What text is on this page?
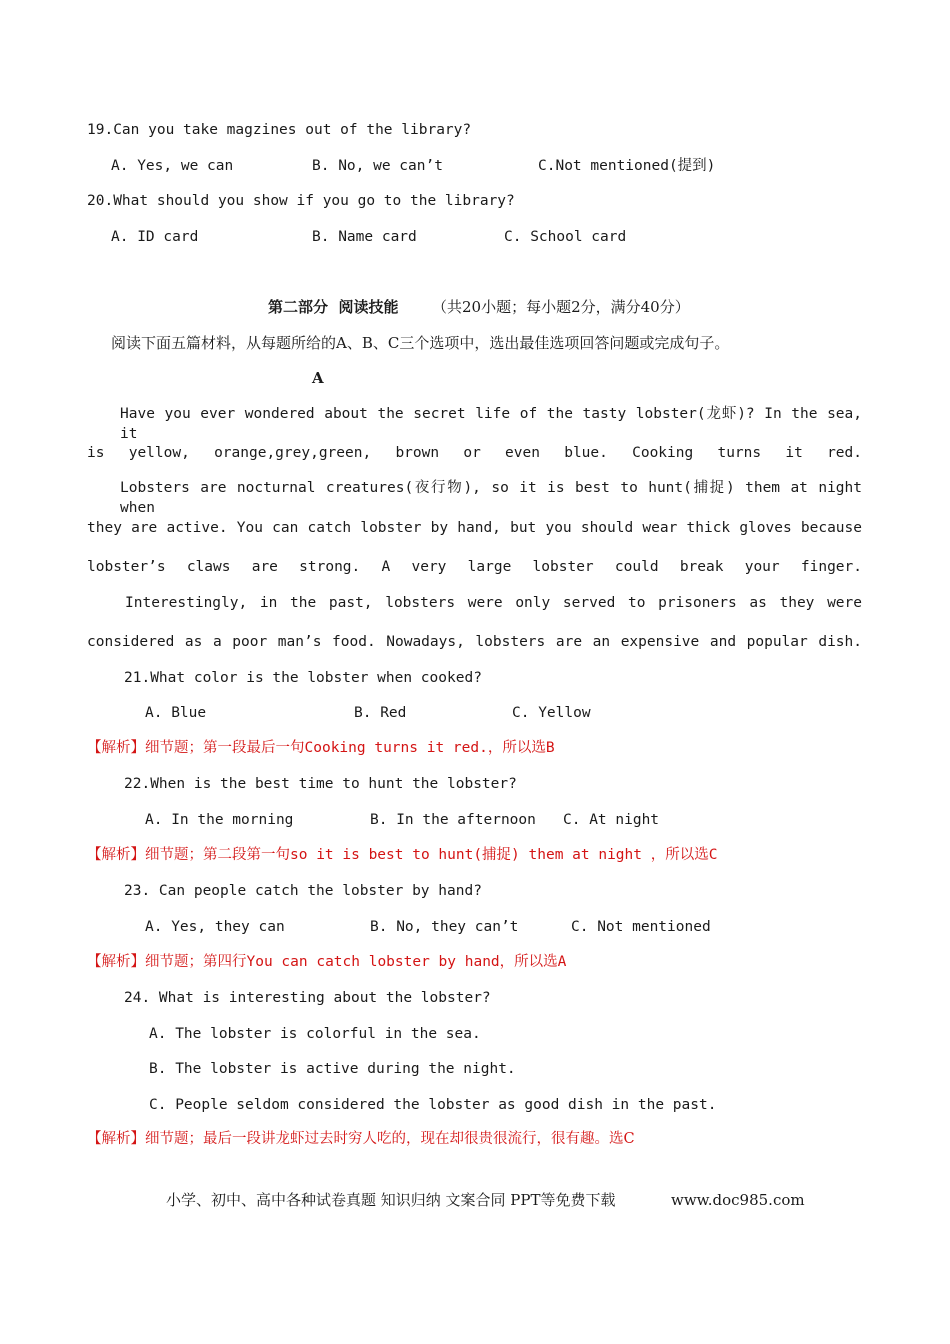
19.Can you take magzines out of the library?
A. Yes, we can	B. No, we can’t	C.Not mentioned(提到)
20.What should you show if you go to the library?
A. ID card	B. Name card	C. School card
第二部分  阅读技能 （共20小题；每小题2分，满分40分）
阅读下面五篇材料，从每题所给的A、B、C三个选项中，选出最佳选项回答问题或完成句子。
A
Have you ever wondered about the secret life of the tasty lobster(龙虾)? In the sea, it
is yellow, orange,grey,green, brown or even blue. Cooking turns it red.
Lobsters are nocturnal creatures(夜行物), so it is best to hunt(捕捉) them at night when
they are active. You can catch lobster by hand, but you should wear thick gloves because
lobster’s claws are strong. A very large lobster could break your finger.
Interestingly, in the past, lobsters were only served to prisoners as they were
considered as a poor man’s food. Nowadays, lobsters are an expensive and popular dish.
21.What color is the lobster when cooked?
A. Blue	B. Red	C. Yellow
【解析】细节题；第一段最后一句Cooking turns it red.，所以选B
22.When is the best time to hunt the lobster?
A. In the morning	B. In the afternoon C. At night
【解析】细节题；第二段第一句so it is best to hunt(捕捉) them at night ，所以选C
23. Can people catch the lobster by hand?
A. Yes, they can	B. No, they can’t	C. Not mentioned
【解析】细节题；第四行You can catch lobster by hand，所以选A
24. What is interesting about the lobster?
A. The lobster is colorful in the sea.
B. The lobster is active during the night.
C. People seldom considered the lobster as good dish in the past.
【解析】细节题；最后一段讲龙虾过去时穷人吃的，现在却很贵很流行，很有趣。选C
小学、初中、高中各种试卷真题 知识归纳 文案合同 PPT等免费下载	www.doc985.com
